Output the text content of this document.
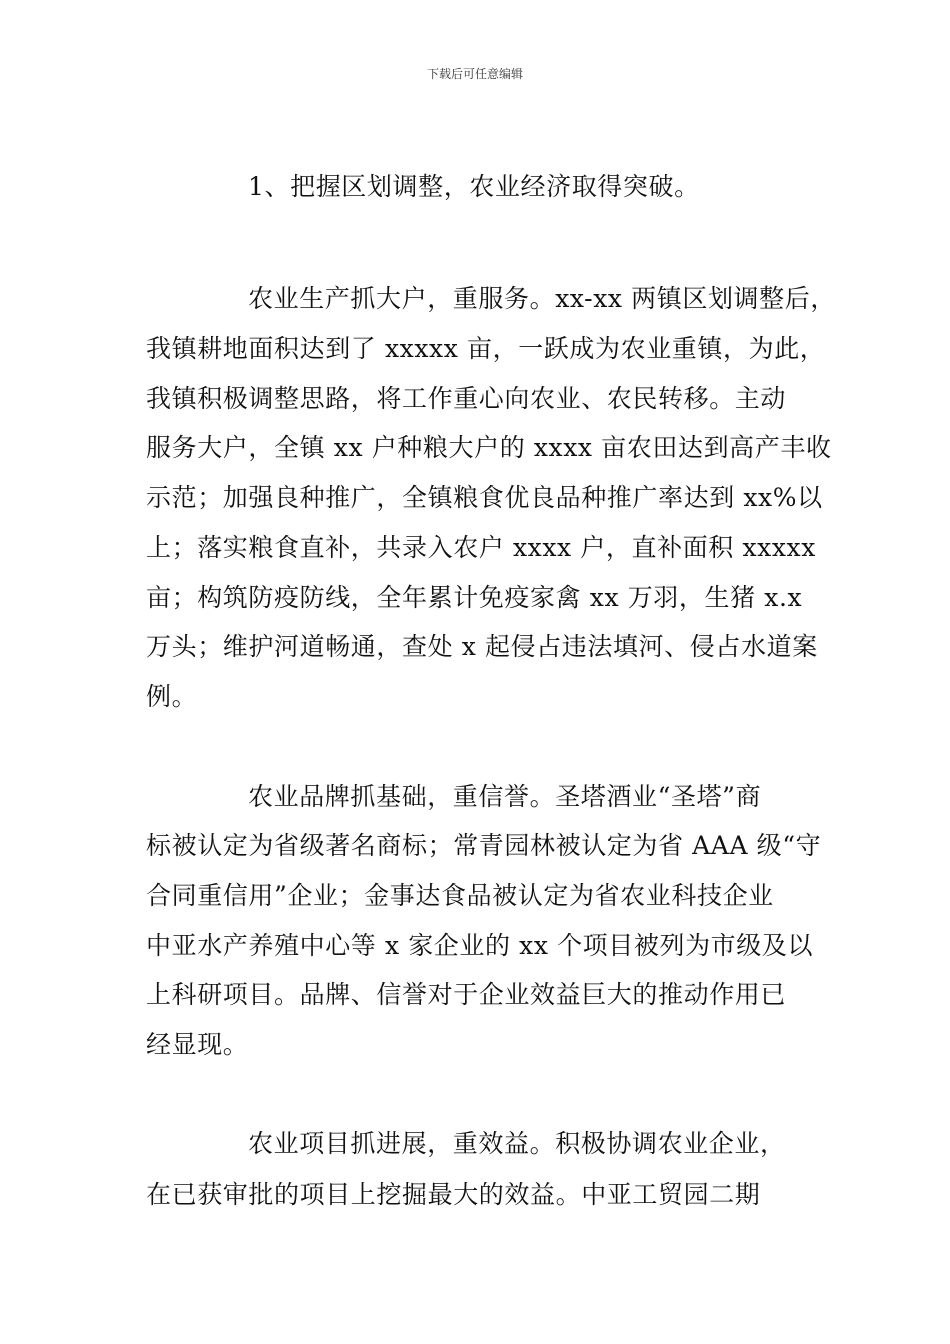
下载后可任意编辑
1、把握区划调整，农业经济取得突破。
农业生产抓大户，重服务。xx-xx 两镇区划调整后，
我镇耕地面积达到了 xxxxx 亩，一跃成为农业重镇，为此，
我镇积极调整思路，将工作重心向农业、农民转移。主动
服务大户，全镇 xx 户种粮大户的 xxxx 亩农田达到高产丰收
示范；加强良种推广，全镇粮食优良品种推广率达到 xx%以
上；落实粮食直补，共录入农户 xxxx 户，直补面积 xxxxx
亩；构筑防疫防线，全年累计免疫家禽 xx 万羽，生猪 x.x
万头；维护河道畅通，查处 x 起侵占违法填河、侵占水道案
例。
农业品牌抓基础，重信誉。圣塔酒业“圣塔”商
标被认定为省级著名商标；常青园林被认定为省 AAA 级“守
合同重信用”企业；金事达食品被认定为省农业科技企业
中亚水产养殖中心等 x 家企业的 xx 个项目被列为市级及以
上科研项目。品牌、信誉对于企业效益巨大的推动作用已
经显现。
农业项目抓进展，重效益。积极协调农业企业，
在已获审批的项目上挖掘最大的效益。中亚工贸园二期
